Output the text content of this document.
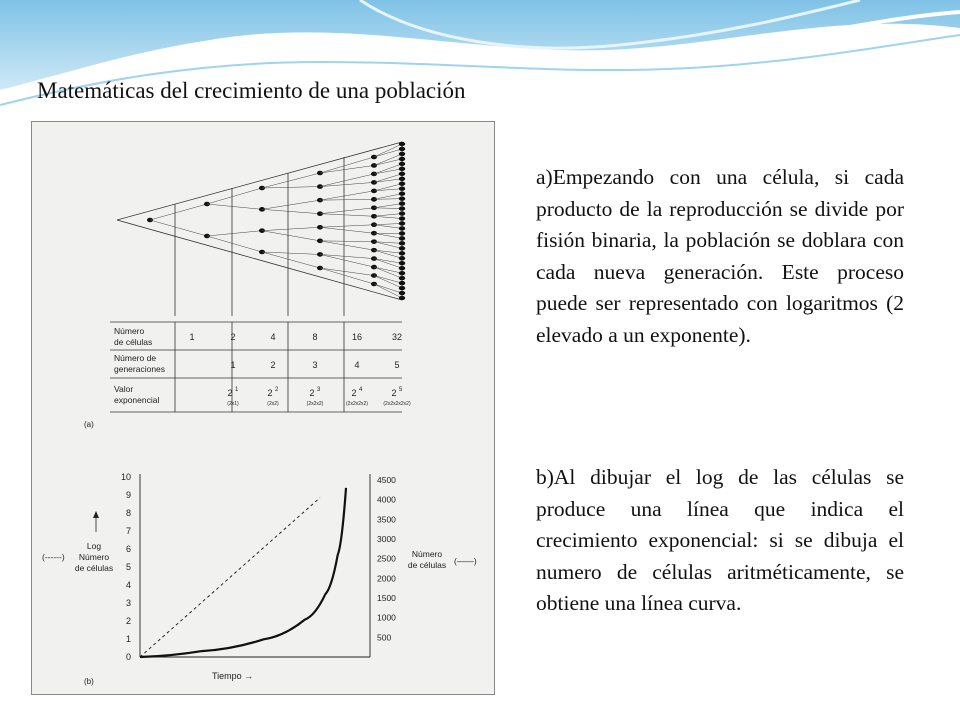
Matemáticas del crecimiento de una población
Número
de células
Número de
generaciones
Valor
exponencial
1	2
1
2 1
(2x1)
4
2
2 2
(2x2)
8
3
2 3
(2x2x2)
16
4
2 4
(2x2x2x2)
32
5
2 5
(2x2x2x2x2)
(a)
0
1
2
3
4
5
6
7
8
9
10
500
1000
1500
2000
2500
3000
3500
4000
4500
Log
Número
de células
(------)	Número
de células (——)
Tiempo →
(b)

a)Empezando con una célula, si cada producto de la reproducción se divide por fisión binaria, la población se doblara con cada nueva generación. Este proceso puede ser representado con logaritmos (2 elevado a un exponente).

b)Al dibujar el log de las células se produce una línea que indica el crecimiento exponencial: si se dibuja el numero de células aritméticamente, se obtiene una línea curva.
